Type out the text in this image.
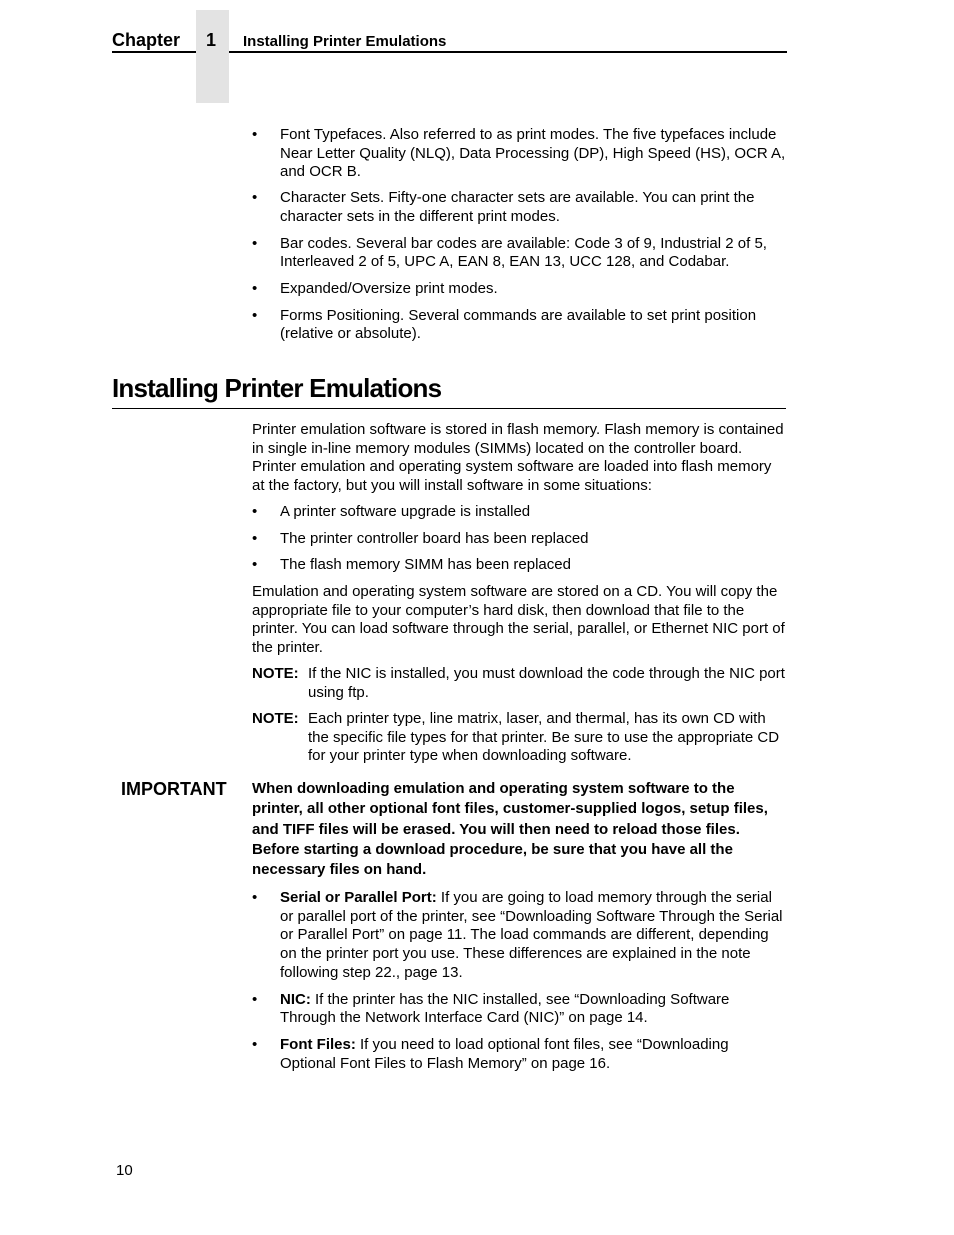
Chapter 1 Installing Printer Emulations
• Font Typefaces. Also referred to as print modes. The five typefaces include Near Letter Quality (NLQ), Data Processing (DP), High Speed (HS), OCR A, and OCR B.
• Character Sets. Fifty-one character sets are available. You can print the character sets in the different print modes.
• Bar codes. Several bar codes are available: Code 3 of 9, Industrial 2 of 5, Interleaved 2 of 5, UPC A, EAN 8, EAN 13, UCC 128, and Codabar.
• Expanded/Oversize print modes.
• Forms Positioning. Several commands are available to set print position (relative or absolute).
Installing Printer Emulations

Printer emulation software is stored in flash memory. Flash memory is contained in single in-line memory modules (SIMMs) located on the controller board. Printer emulation and operating system software are loaded into flash memory at the factory, but you will install software in some situations:

• A printer software upgrade is installed
• The printer controller board has been replaced
• The flash memory SIMM has been replaced

Emulation and operating system software are stored on a CD. You will copy the appropriate file to your computer’s hard disk, then download that file to the printer. You can load software through the serial, parallel, or Ethernet NIC port of the printer.

NOTE: If the NIC is installed, you must download the code through the NIC port using ftp.
NOTE: Each printer type, line matrix, laser, and thermal, has its own CD with the specific file types for that printer. Be sure to use the appropriate CD for your printer type when downloading software.
IMPORTANT When downloading emulation and operating system software to the printer, all other optional font files, customer-supplied logos, setup files, and TIFF files will be erased. You will then need to reload those files. Before starting a download procedure, be sure that you have all the necessary files on hand.

• Serial or Parallel Port: If you are going to load memory through the serial or parallel port of the printer, see “Downloading Software Through the Serial or Parallel Port” on page 11. The load commands are different, depending on the printer port you use. These differences are explained in the note following step 22., page 13.
• NIC: If the printer has the NIC installed, see “Downloading Software Through the Network Interface Card (NIC)” on page 14.
• Font Files: If you need to load optional font files, see “Downloading Optional Font Files to Flash Memory” on page 16.
10
